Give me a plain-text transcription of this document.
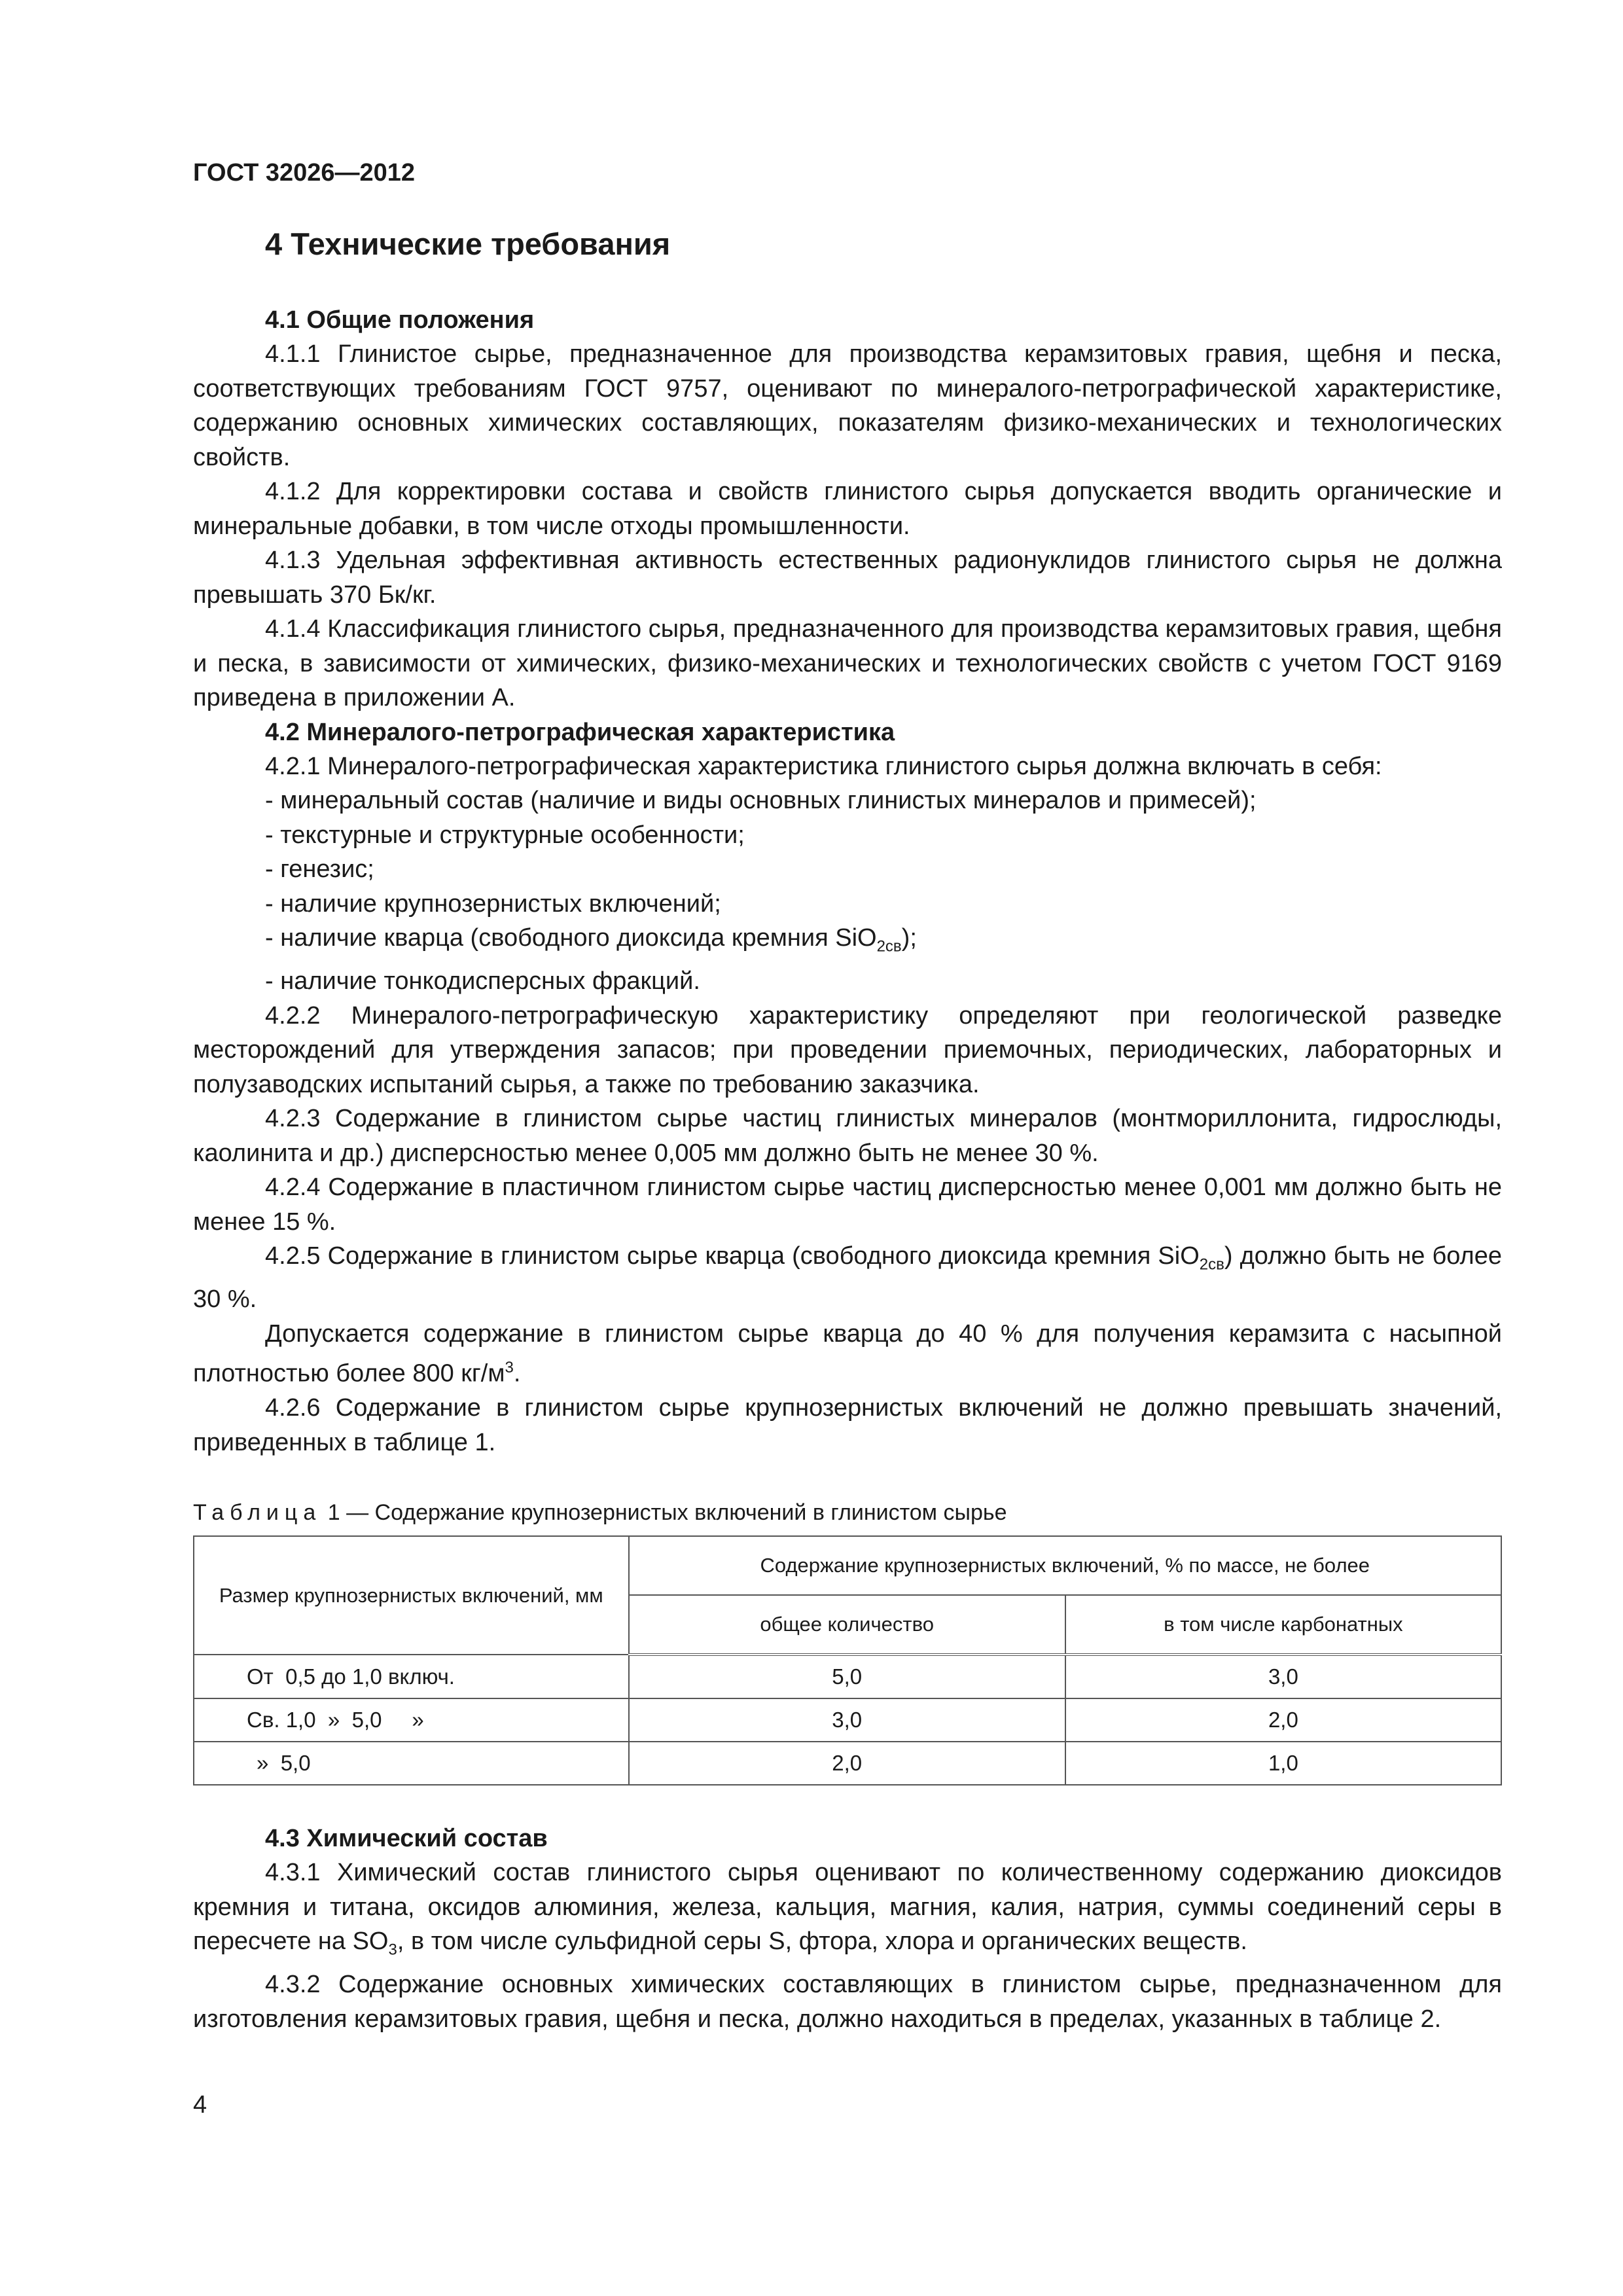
ГОСТ 32026—2012
4 Технические требования
4.1 Общие положения

4.1.1 Глинистое сырье, предназначенное для производства керамзитовых гравия, щебня и песка, соответствующих требованиям ГОСТ 9757, оценивают по минералого-петрографической характеристике, содержанию основных химических составляющих, показателям физико-механических и технологических свойств.

4.1.2 Для корректировки состава и свойств глинистого сырья допускается вводить органические и минеральные добавки, в том числе отходы промышленности.

4.1.3 Удельная эффективная активность естественных радионуклидов глинистого сырья не должна превышать 370 Бк/кг.

4.1.4 Классификация глинистого сырья, предназначенного для производства керамзитовых гравия, щебня и песка, в зависимости от химических, физико-механических и технологических свойств с учетом ГОСТ 9169 приведена в приложении А.

4.2 Минералого-петрографическая характеристика

4.2.1 Минералого-петрографическая характеристика глинистого сырья должна включать в себя:

- минеральный состав (наличие и виды основных глинистых минералов и примесей);

- текстурные и структурные особенности;

- генезис;

- наличие крупнозернистых включений;

- наличие кварца (свободного диоксида кремния SiO$_{2св}$);

- наличие тонкодисперсных фракций.

4.2.2 Минералого-петрографическую характеристику определяют при геологической разведке месторождений для утверждения запасов; при проведении приемочных, периодических, лабораторных и полузаводских испытаний сырья, а также по требованию заказчика.

4.2.3 Содержание в глинистом сырье частиц глинистых минералов (монтмориллонита, гидрослюды, каолинита и др.) дисперсностью менее 0,005 мм должно быть не менее 30 %.

4.2.4 Содержание в пластичном глинистом сырье частиц дисперсностью менее 0,001 мм должно быть не менее 15 %.

4.2.5 Содержание в глинистом сырье кварца (свободного диоксида кремния SiO$_{2св}$) должно быть не более 30 %.

Допускается содержание в глинистом сырье кварца до 40 % для получения керамзита с насыпной плотностью более 800 $кг/м^3$.

4.2.6 Содержание в глинистом сырье крупнозернистых включений не должно превышать значений, приведенных в таблице 1.

Таблица 1 — Содержание крупнозернистых включений в глинистом сырье
Размер крупнозернистых включений, мм	Содержание крупнозернистых включений, % по массе, не более	
	общее количество	в том числе карбонатных
От  0,5 до 1,0 включ.	5,0	3,0
Св. 1,0  »  5,0     »	3,0	2,0
»  5,0	2,0	1,0
4.3 Химический состав

4.3.1 Химический состав глинистого сырья оценивают по количественному содержанию диоксидов кремния и титана, оксидов алюминия, железа, кальция, магния, калия, натрия, суммы соединений серы в пересчете на $SO_3$, в том числе сульфидной серы S, фтора, хлора и органических веществ.

4.3.2 Содержание основных химических составляющих в глинистом сырье, предназначенном для изготовления керамзитовых гравия, щебня и песка, должно находиться в пределах, указанных в таблице 2.

4
